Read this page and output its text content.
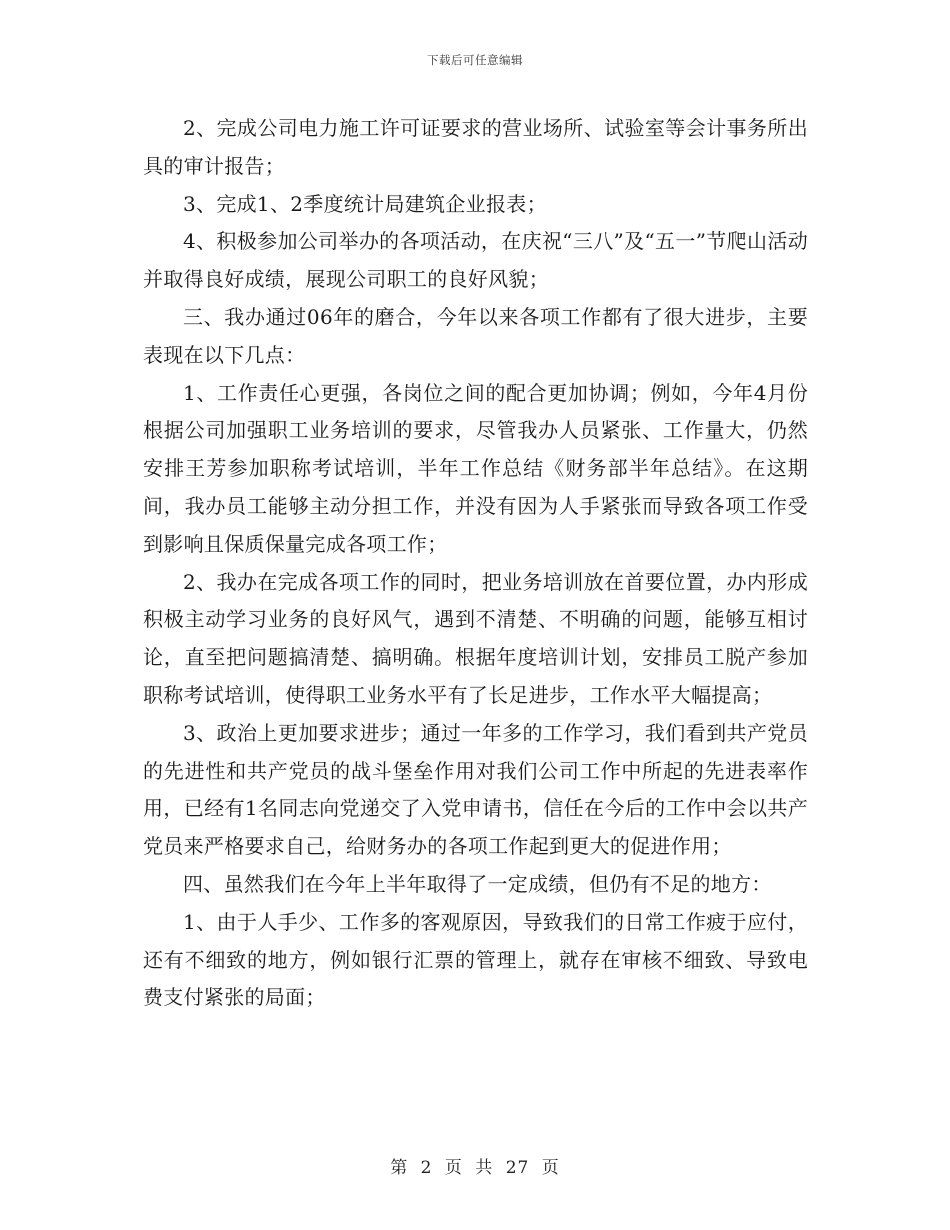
下载后可任意编辑

2、完成公司电力施工许可证要求的营业场所、试验室等会计事务所出具的审计报告；

3、完成1、2季度统计局建筑企业报表；

4、积极参加公司举办的各项活动，在庆祝“三八”及“五一”节爬山活动并取得良好成绩，展现公司职工的良好风貌；

三、我办通过06年的磨合，今年以来各项工作都有了很大进步，主要表现在以下几点：

1、工作责任心更强，各岗位之间的配合更加协调；例如，今年4月份根据公司加强职工业务培训的要求，尽管我办人员紧张、工作量大，仍然安排王芳参加职称考试培训，半年工作总结《财务部半年总结》。在这期间，我办员工能够主动分担工作，并没有因为人手紧张而导致各项工作受到影响且保质保量完成各项工作；

2、我办在完成各项工作的同时，把业务培训放在首要位置，办内形成积极主动学习业务的良好风气，遇到不清楚、不明确的问题，能够互相讨论，直至把问题搞清楚、搞明确。根据年度培训计划，安排员工脱产参加职称考试培训，使得职工业务水平有了长足进步，工作水平大幅提高；

3、政治上更加要求进步；通过一年多的工作学习，我们看到共产党员的先进性和共产党员的战斗堡垒作用对我们公司工作中所起的先进表率作用，已经有1名同志向党递交了入党申请书，信任在今后的工作中会以共产党员来严格要求自己，给财务办的各项工作起到更大的促进作用；

四、虽然我们在今年上半年取得了一定成绩，但仍有不足的地方：

1、由于人手少、工作多的客观原因，导致我们的日常工作疲于应付，还有不细致的地方，例如银行汇票的管理上，就存在审核不细致、导致电费支付紧张的局面；

第 2 页 共 27 页
